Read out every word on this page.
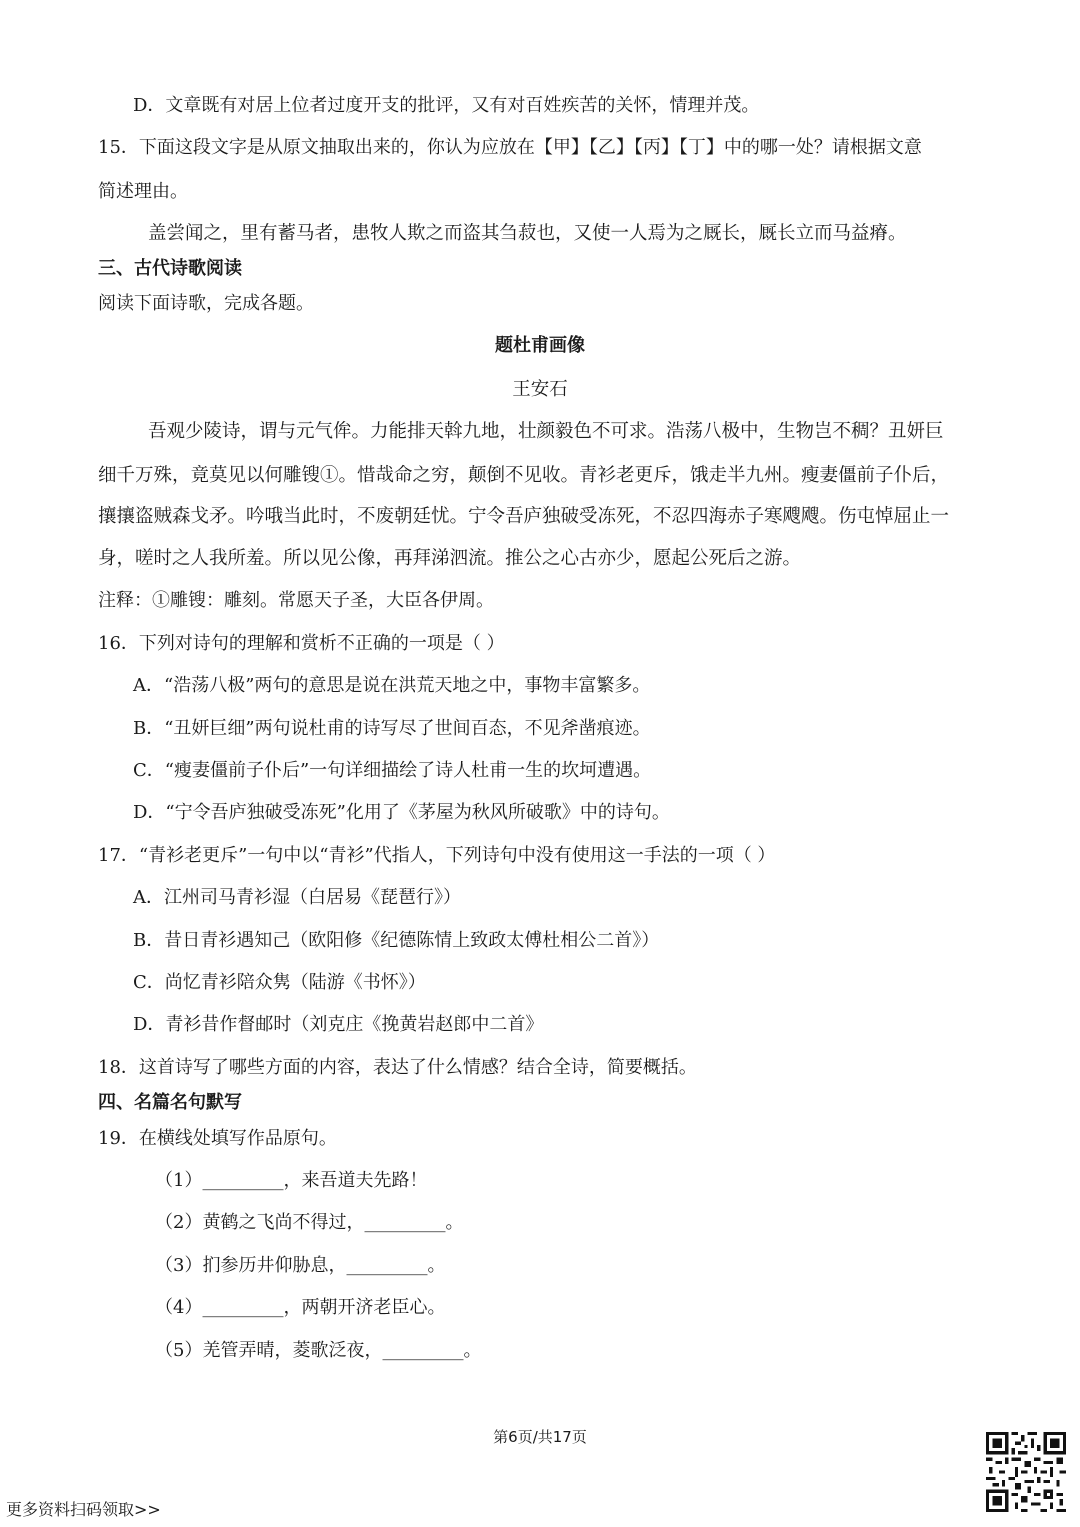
D．文章既有对居上位者过度开支的批评，又有对百姓疾苦的关怀，情理并茂。
15．下面这段文字是从原文抽取出来的，你认为应放在【甲】【乙】【丙】【丁】中的哪一处？请根据文意
简述理由。
盖尝闻之，里有蓄马者，患牧人欺之而盗其刍菽也，又使一人焉为之厩长，厩长立而马益瘠。
三、古代诗歌阅读
阅读下面诗歌，完成各题。
题杜甫画像
王安石
吾观少陵诗，谓与元气侔。力能排天斡九地，壮颜毅色不可求。浩荡八极中，生物岂不稠？丑妍巨
细千万殊，竟莫见以何雕锼①。惜哉命之穷，颠倒不见收。青衫老更斥，饿走半九州。瘦妻僵前子仆后，
攘攘盗贼森戈矛。吟哦当此时，不废朝廷忧。宁令吾庐独破受冻死，不忍四海赤子寒飕飕。伤屯悼屈止一
身，嗟时之人我所羞。所以见公像，再拜涕泗流。推公之心古亦少，愿起公死后之游。
注释：①雕锼：雕刻。常愿天子圣，大臣各伊周。
16．下列对诗句的理解和赏析不正确的一项是（ ）
A．“浩荡八极”两句的意思是说在洪荒天地之中，事物丰富繁多。
B．“丑妍巨细”两句说杜甫的诗写尽了世间百态，不见斧凿痕迹。
C．“瘦妻僵前子仆后”一句详细描绘了诗人杜甫一生的坎坷遭遇。
D．“宁令吾庐独破受冻死”化用了《茅屋为秋风所破歌》中的诗句。
17．“青衫老更斥”一句中以“青衫”代指人，下列诗句中没有使用这一手法的一项（ ）
A．江州司马青衫湿（白居易《琵琶行》）
B．昔日青衫遇知己（欧阳修《纪德陈情上致政太傅杜相公二首》）
C．尚忆青衫陪众隽（陆游《书怀》）
D．青衫昔作督邮时（刘克庄《挽黄岩赵郎中二首》
18．这首诗写了哪些方面的内容，表达了什么情感？结合全诗，简要概括。
四、名篇名句默写
19．在横线处填写作品原句。
（1）_________，来吾道夫先路！
（2）黄鹤之飞尚不得过，_________。
（3）扪参历井仰胁息，_________。
（4）_________，两朝开济老臣心。
（5）羌管弄晴，菱歌泛夜，_________。
第6页/共17页
更多资料扫码领取>>
